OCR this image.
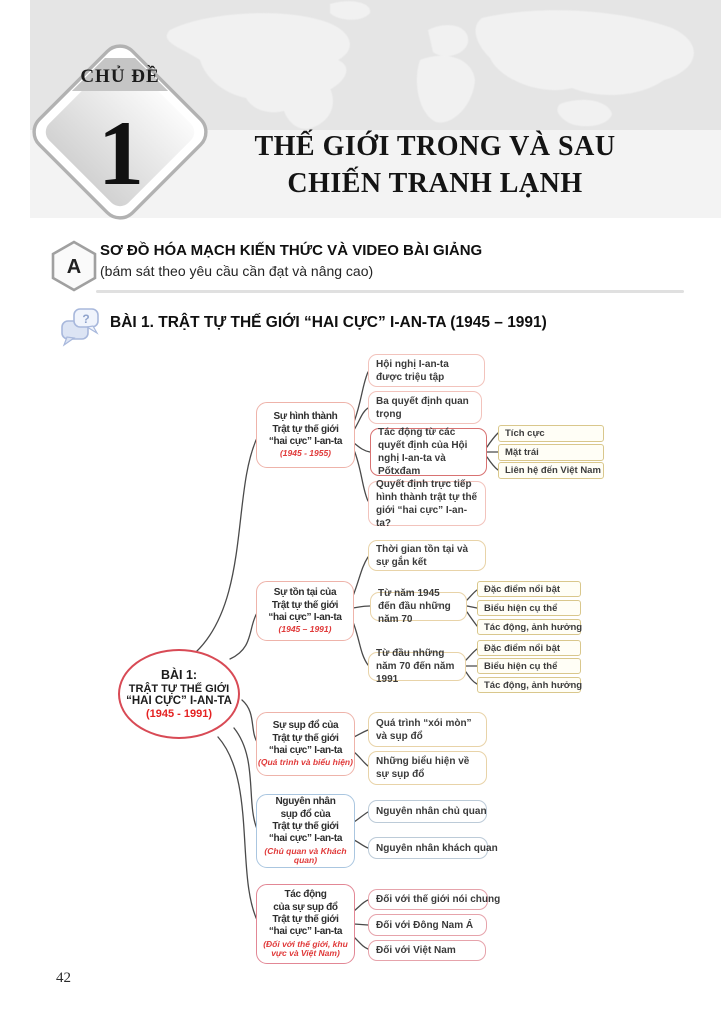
THẾ GIỚI TRONG VÀ SAU
CHIẾN TRANH LẠNH
CHỦ ĐỀ
1
A
SƠ ĐỒ HÓA MẠCH KIẾN THỨC VÀ VIDEO BÀI GIẢNG
(bám sát theo yêu cầu cần đạt và nâng cao)
? BÀI 1. TRẬT TỰ THẾ GIỚI “HAI CỰC” I-AN-TA (1945 – 1991)
BÀI 1:
TRẬT TỰ THẾ GIỚI
“HAI CỰC” I-AN-TA
(1945 - 1991)
Sự hình thành
Trật tự thế giới
“hai cực” I-an-ta
(1945 - 1955)
Hội nghị I-an-ta được triệu tập
Ba quyết định quan trọng
Tác động từ các quyết định của Hội nghị I-an-ta và Pốtxđam
Tích cực
Mặt trái
Liên hệ đến Việt Nam
Quyết định trực tiếp hình thành trật tự thế giới “hai cực” I-an-ta?
Sự tồn tại của
Trật tự thế giới
“hai cực” I-an-ta
(1945 – 1991)
Thời gian tồn tại và sự gắn kết
Từ năm 1945 đến đầu những năm 70
Đặc điểm nổi bật
Biểu hiện cụ thể
Tác động, ảnh hưởng
Từ đầu những năm 70 đến năm 1991
Đặc điểm nổi bật
Biểu hiện cụ thể
Tác động, ảnh hưởng
Sự sụp đổ của
Trật tự thế giới
“hai cực” I-an-ta
(Quá trình và biểu hiện)
Quá trình “xói mòn” và sụp đổ
Những biểu hiện về sự sụp đổ
Nguyên nhân
sụp đổ của
Trật tự thế giới
“hai cực” I-an-ta
(Chủ quan và Khách quan)
Nguyên nhân chủ quan
Nguyên nhân khách quan
Tác động
của sự sụp đổ
Trật tự thế giới
“hai cực” I-an-ta
(Đối với thế giới, khu vực và Việt Nam)
Đối với thế giới nói chung
Đối với Đông Nam Á
Đối với Việt Nam
42
